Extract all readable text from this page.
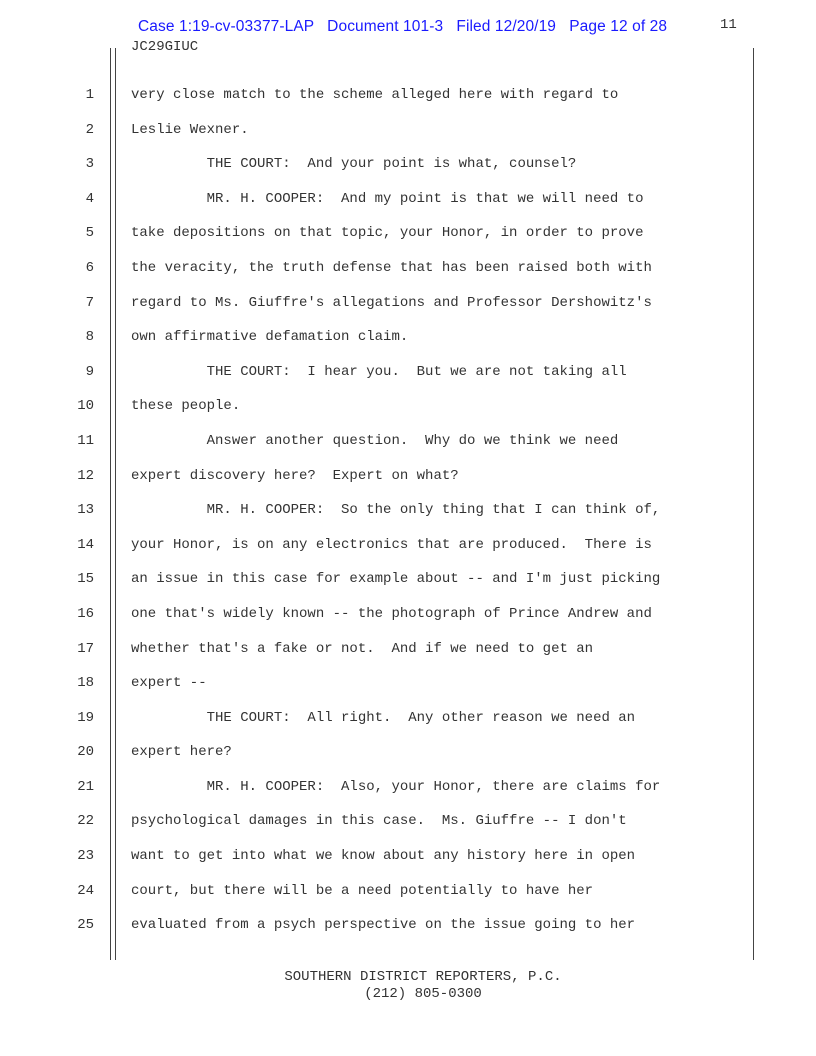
Case 1:19-cv-03377-LAP   Document 101-3   Filed 12/20/19   Page 12 of 28	11
JC29GIUC
1
2
3
4
5
6
7
8
9
10
11
12
13
14
15
16
17
18
19
20
21
22
23
24
25
very close match to the scheme alleged here with regard to
Leslie Wexner.
THE COURT:  And your point is what, counsel?
MR. H. COOPER:  And my point is that we will need to
take depositions on that topic, your Honor, in order to prove
the veracity, the truth defense that has been raised both with
regard to Ms. Giuffre's allegations and Professor Dershowitz's
own affirmative defamation claim.
THE COURT:  I hear you.  But we are not taking all
these people.
Answer another question.  Why do we think we need
expert discovery here?  Expert on what?
MR. H. COOPER:  So the only thing that I can think of,
your Honor, is on any electronics that are produced.  There is
an issue in this case for example about -- and I'm just picking
one that's widely known -- the photograph of Prince Andrew and
whether that's a fake or not.  And if we need to get an
expert --
THE COURT:  All right.  Any other reason we need an
expert here?
MR. H. COOPER:  Also, your Honor, there are claims for
psychological damages in this case.  Ms. Giuffre -- I don't
want to get into what we know about any history here in open
court, but there will be a need potentially to have her
evaluated from a psych perspective on the issue going to her
SOUTHERN DISTRICT REPORTERS, P.C.
(212) 805-0300
